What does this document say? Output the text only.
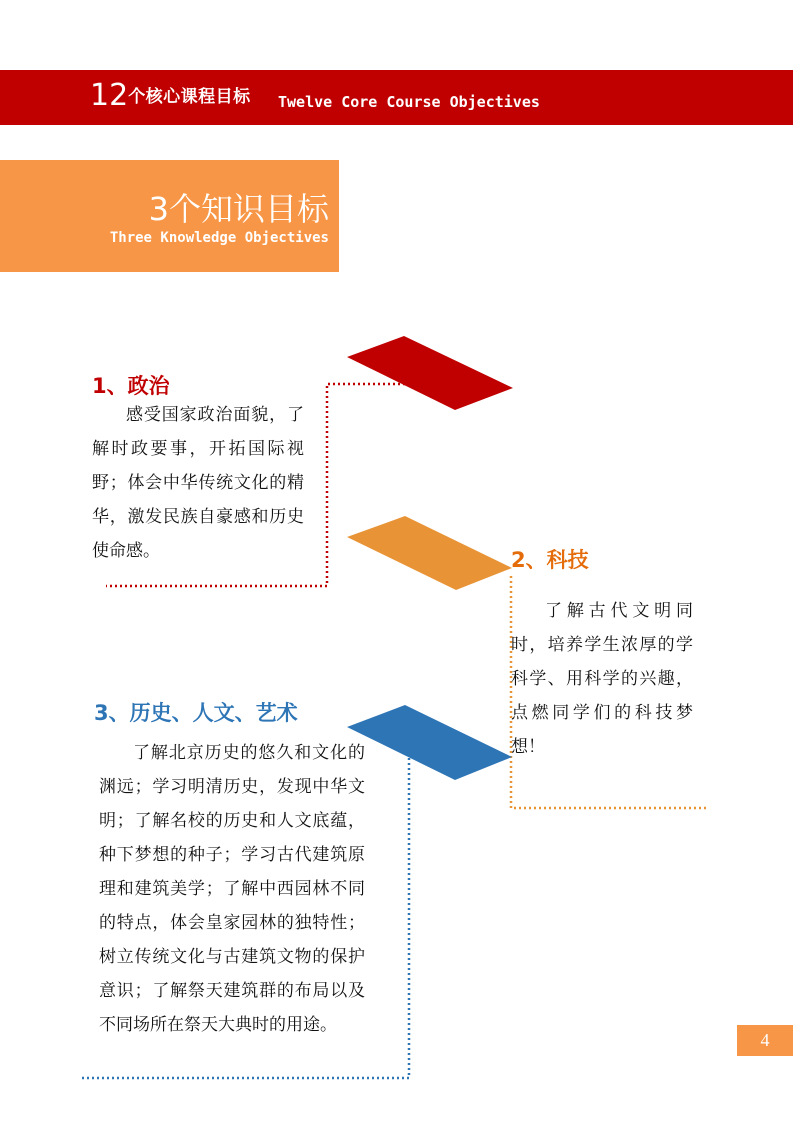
12个核心课程目标 Twelve Core Course Objectives
3个知识目标
Three Knowledge Objectives
1、政治
感受国家政治面貌，了解时政要事，开拓国际视野；体会中华传统文化的精华，激发民族自豪感和历史使命感。	2、科技
了解古代文明同时，培养学生浓厚的学科学、用科学的兴趣，点燃同学们的科技梦想！
3、历史、人文、艺术
了解北京历史的悠久和文化的渊远；学习明清历史，发现中华文明；了解名校的历史和人文底蕴，种下梦想的种子；学习古代建筑原理和建筑美学；了解中西园林不同的特点，体会皇家园林的独特性；树立传统文化与古建筑文物的保护意识；了解祭天建筑群的布局以及不同场所在祭天大典时的用途。
4
